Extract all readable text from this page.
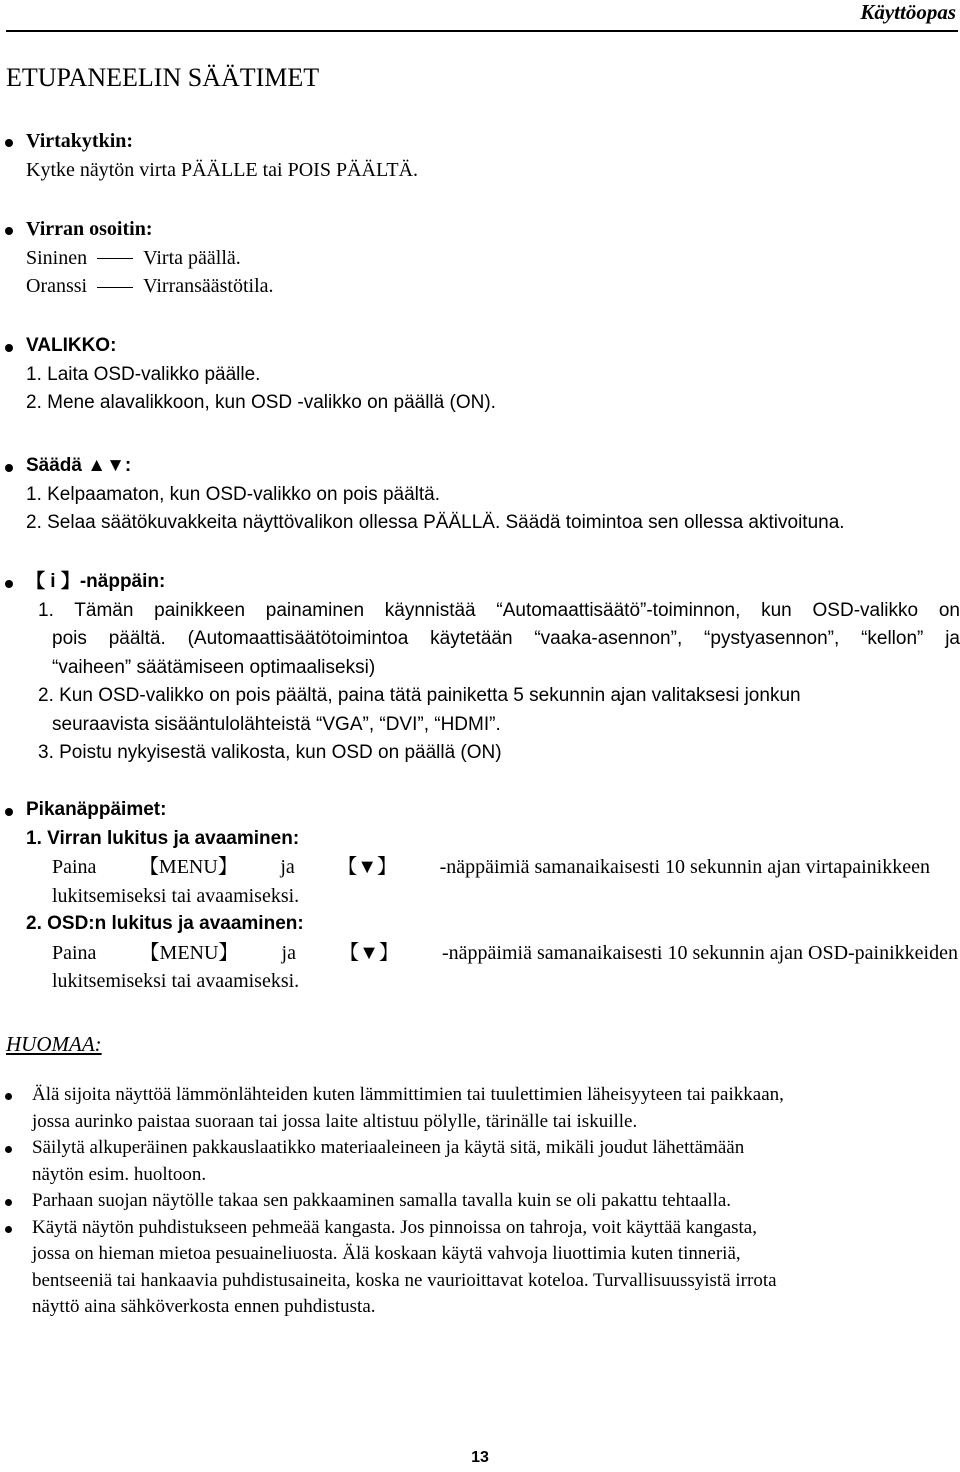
Käyttöopas
ETUPANEELIN SÄÄTIMET
Virtakytkin:
Kytke näytön virta PÄÄLLE tai POIS PÄÄLTÄ.
Virran osoitin:
Sininen	Virta päällä.
Oranssi	Virransäästötila.
VALIKKO:
1. Laita OSD-valikko päälle.
2. Mene alavalikkoon, kun OSD -valikko on päällä (ON).
Säädä ▲▼:
1. Kelpaamaton, kun OSD-valikko on pois päältä.
2. Selaa säätökuvakkeita näyttövalikon ollessa PÄÄLLÄ. Säädä toimintoa sen ollessa aktivoituna.
【 i 】-näppäin:
1. Tämän painikkeen painaminen käynnistää “Automaattisäätö”-toiminnon, kun OSD-valikko on
pois päältä. (Automaattisäätötoimintoa käytetään “vaaka-asennon”, “pystyasennon”, “kellon” ja
“vaiheen” säätämiseen optimaaliseksi)
2. Kun OSD-valikko on pois päältä, paina tätä painiketta 5 sekunnin ajan valitaksesi jonkun
seuraavista sisääntulolähteistä “VGA”, “DVI”, “HDMI”.
3. Poistu nykyisestä valikosta, kun OSD on päällä (ON)
Pikanäppäimet:
1. Virran lukitus ja avaaminen:
Paina 【MENU】 ja 【▼】 -näppäimiä samanaikaisesti 10 sekunnin ajan virtapainikkeen
lukitsemiseksi tai avaamiseksi.
2. OSD:n lukitus ja avaaminen:
Paina 【MENU】 ja 【▼】 -näppäimiä samanaikaisesti 10 sekunnin ajan OSD-painikkeiden
lukitsemiseksi tai avaamiseksi.
HUOMAA:
Älä sijoita näyttöä lämmönlähteiden kuten lämmittimien tai tuulettimien läheisyyteen tai paikkaan,
jossa aurinko paistaa suoraan tai jossa laite altistuu pölylle, tärinälle tai iskuille.
Säilytä alkuperäinen pakkauslaatikko materiaaleineen ja käytä sitä, mikäli joudut lähettämään
näytön esim. huoltoon.
Parhaan suojan näytölle takaa sen pakkaaminen samalla tavalla kuin se oli pakattu tehtaalla.
Käytä näytön puhdistukseen pehmeää kangasta. Jos pinnoissa on tahroja, voit käyttää kangasta,
jossa on hieman mietoa pesuaineliuosta. Älä koskaan käytä vahvoja liuottimia kuten tinneriä,
bentseeniä tai hankaavia puhdistusaineita, koska ne vaurioittavat koteloa. Turvallisuussyistä irrota
näyttö aina sähköverkosta ennen puhdistusta.
13
